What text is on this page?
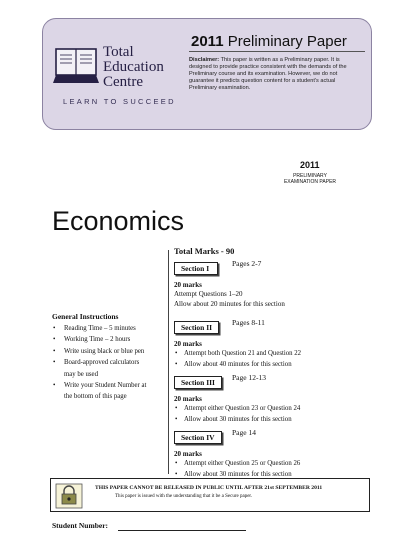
Total
Education
Centre
LEARN TO SUCCEED
2011 Preliminary Paper
Disclaimer: This paper is written as a Preliminary paper. It is designed to provide practice consistent with the demands of the Preliminary course and its examination. However, we do not guarantee it predicts question content for a student's actual Preliminary examination.
2011
PRELIMINARY
EXAMINATION PAPER
Economics
Total Marks - 90
General Instructions
• Reading Time – 5 minutes
• Working Time – 2 hours
• Write using black or blue pen
• Board-approved calculators
may be used
• Write your Student Number at
the bottom of this page
Section I
Pages 2-7
20 marks
Attempt Questions 1–20
Allow about 20 minutes for this section
Section II
Pages 8-11
20 marks
• Attempt both Question 21 and Question 22
• Allow about 40 minutes for this section
Section III
Page 12-13
20 marks
• Attempt either Question 23 or Question 24
• Allow about 30 minutes for this section
Section IV
Page 14
20 marks
• Attempt either Question 25 or Question 26
• Allow about 30 minutes for this section
THIS PAPER CANNOT BE RELEASED IN PUBLIC UNTIL AFTER 21st SEPTEMBER 2011
This paper is issued with the understanding that it be a Secure paper.
Student Number:
